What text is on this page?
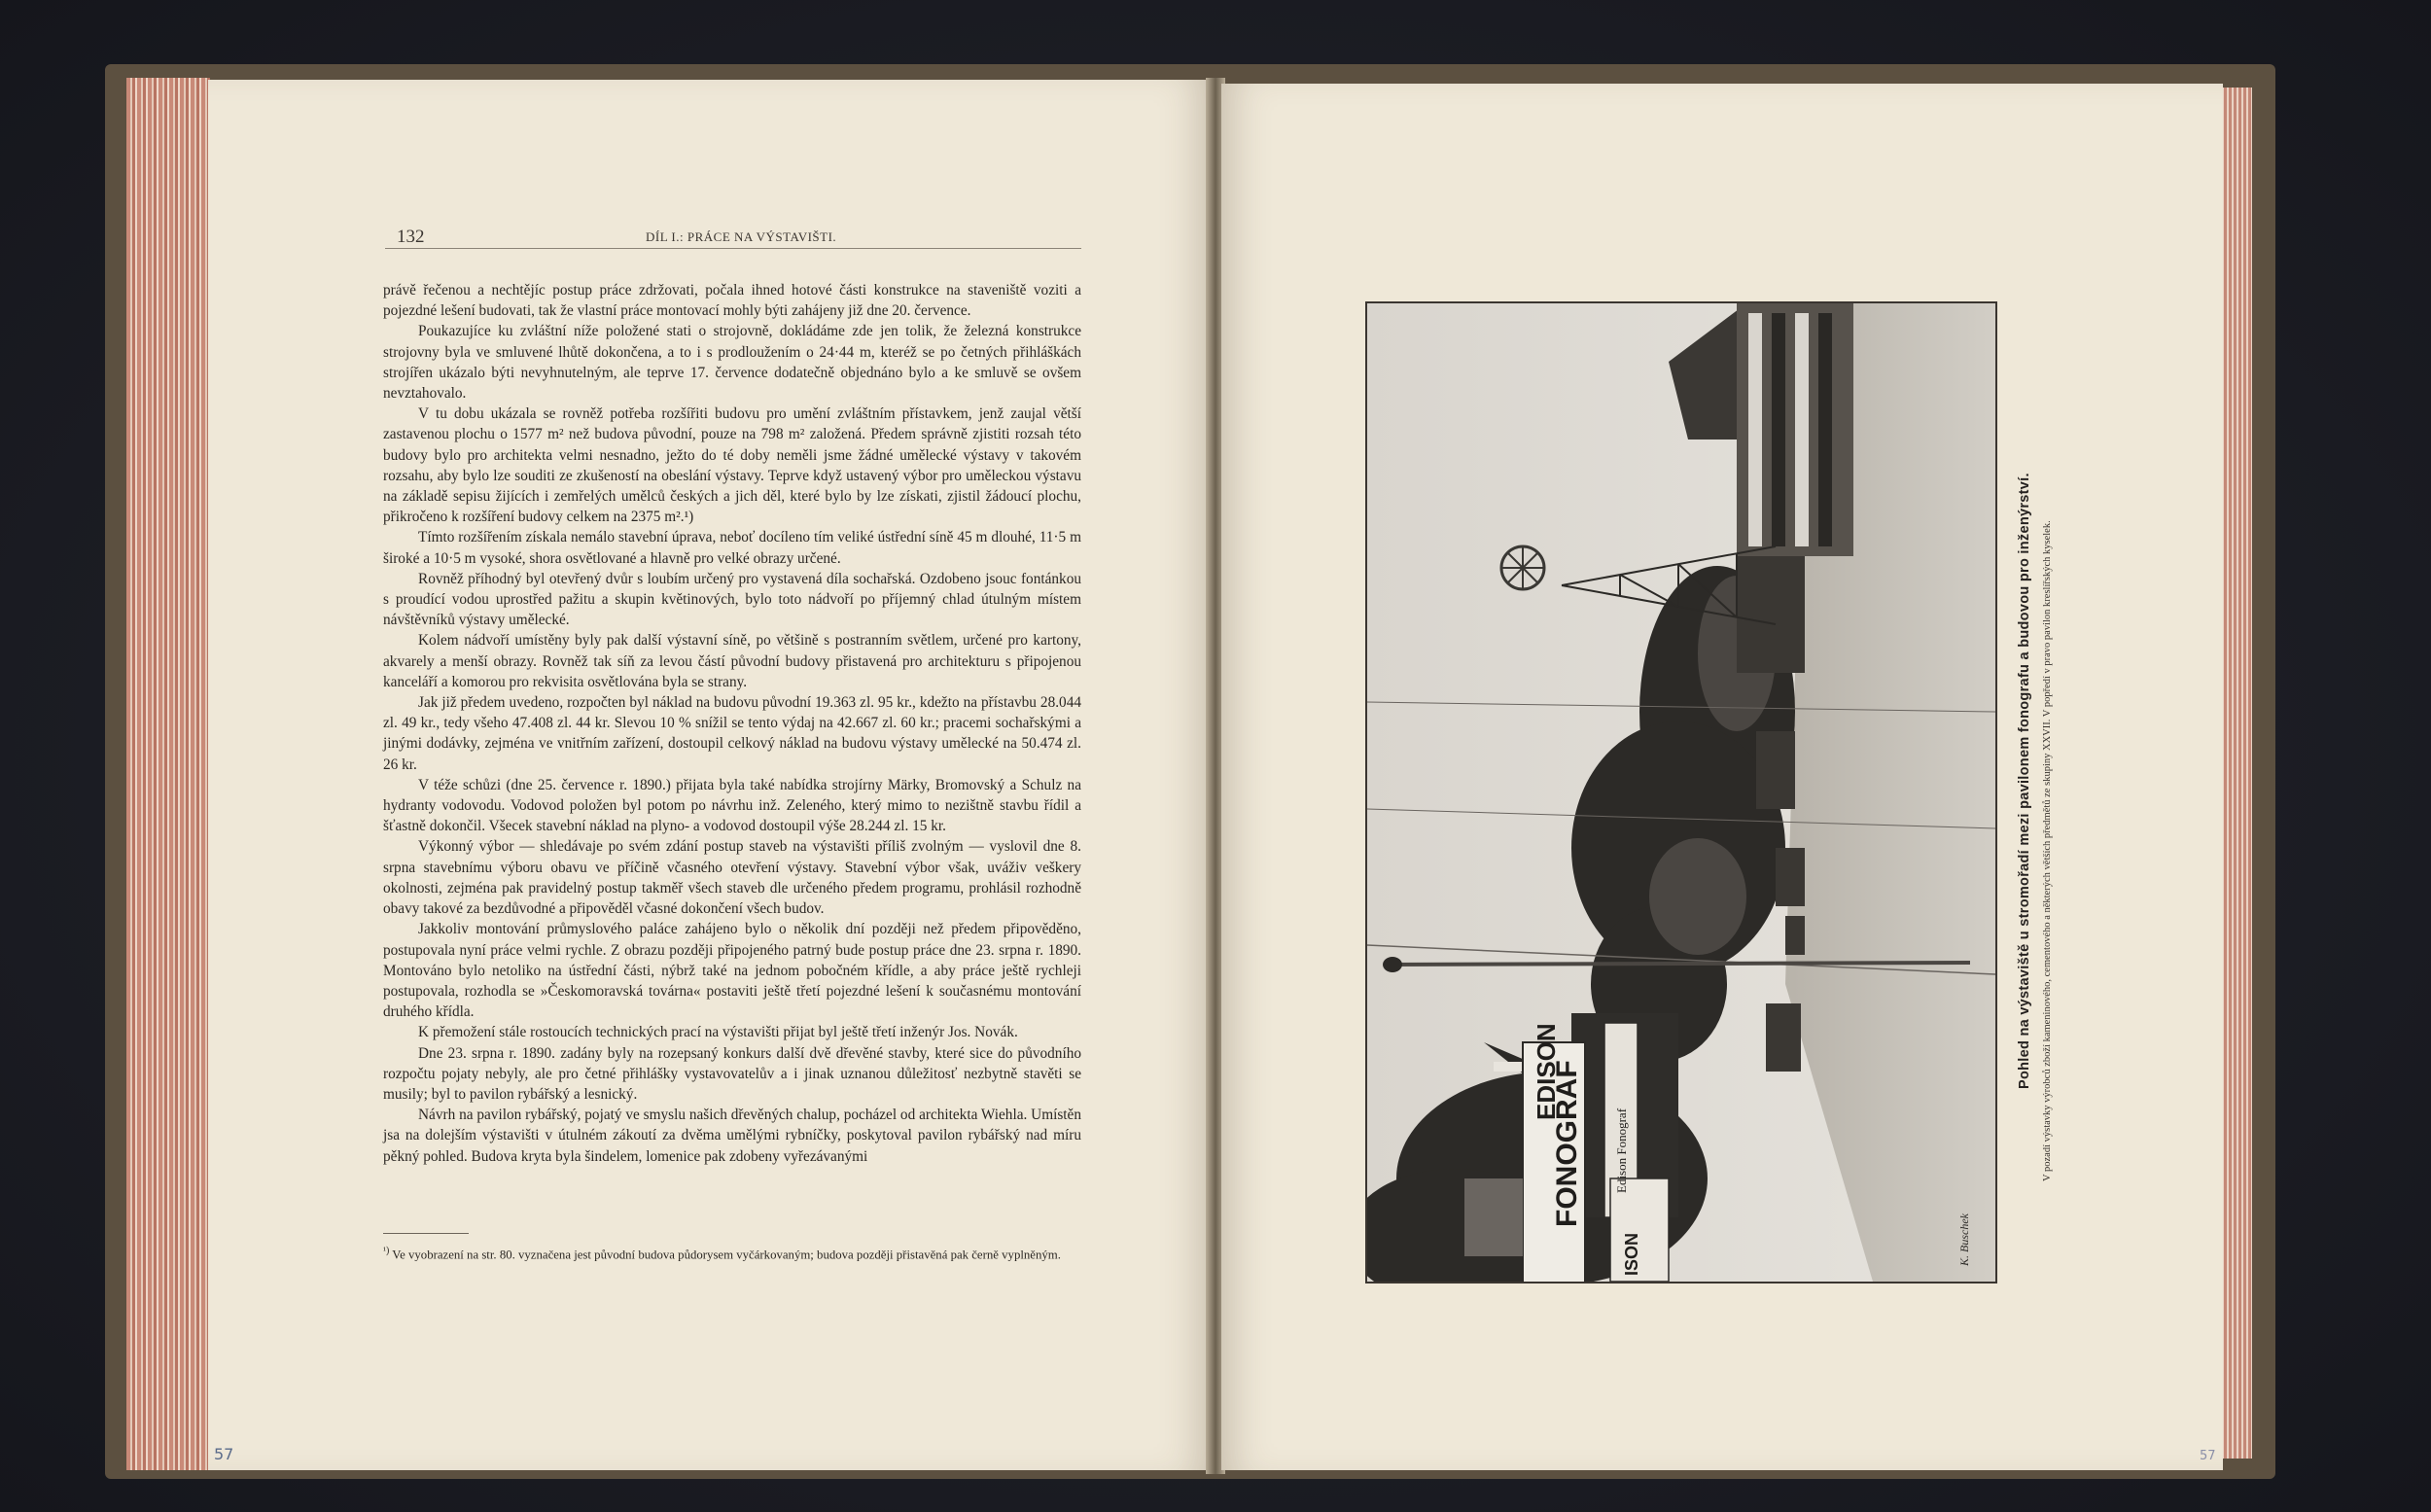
132	DÍL I.: PRÁCE NA VÝSTAVIŠTI.

právě řečenou a nechtějíc postup práce zdržovati, počala ihned hotové části konstrukce na staveniště voziti a pojezdné lešení budovati, tak že vlastní práce montovací mohly býti zahájeny již dne 20. července.

Poukazujíce ku zvláštní níže položené stati o strojovně, dokládáme zde jen tolik, že železná konstrukce strojovny byla ve smluvené lhůtě dokončena, a to i s prodloužením o 24·44 m, kteréž se po četných přihláškách strojířen ukázalo býti nevyhnutelným, ale teprve 17. července dodatečně objednáno bylo a ke smluvě se ovšem nevztahovalo.

V tu dobu ukázala se rovněž potřeba rozšířiti budovu pro umění zvláštním přístavkem, jenž zaujal větší zastavenou plochu o 1577 m² než budova původní, pouze na 798 m² založená. Předem správně zjistiti rozsah této budovy bylo pro architekta velmi nesnadno, ježto do té doby neměli jsme žádné umělecké výstavy v takovém rozsahu, aby bylo lze souditi ze zkušeností na obeslání výstavy. Teprve když ustavený výbor pro uměleckou výstavu na základě sepisu žijících i zemřelých umělců českých a jich děl, které bylo by lze získati, zjistil žádoucí plochu, přikročeno k rozšíření budovy celkem na 2375 m².¹)

Tímto rozšířením získala nemálo stavební úprava, neboť docíleno tím veliké ústřední síně 45 m dlouhé, 11·5 m široké a 10·5 m vysoké, shora osvětlované a hlavně pro velké obrazy určené.

Rovněž příhodný byl otevřený dvůr s loubím určený pro vystavená díla sochařská. Ozdobeno jsouc fontánkou s proudící vodou uprostřed pažitu a skupin květinových, bylo toto nádvoří po příjemný chlad útulným místem návštěvníků výstavy umělecké.

Kolem nádvoří umístěny byly pak další výstavní síně, po většině s postranním světlem, určené pro kartony, akvarely a menší obrazy. Rovněž tak síň za levou částí původní budovy přistavená pro architekturu s připojenou kanceláří a komorou pro rekvisita osvětlována byla se strany.

Jak již předem uvedeno, rozpočten byl náklad na budovu původní 19.363 zl. 95 kr., kdežto na přístavbu 28.044 zl. 49 kr., tedy všeho 47.408 zl. 44 kr. Slevou 10 % snížil se tento výdaj na 42.667 zl. 60 kr.; pracemi sochařskými a jinými dodávky, zejména ve vnitřním zařízení, dostoupil celkový náklad na budovu výstavy umělecké na 50.474 zl. 26 kr.

V téže schůzi (dne 25. července r. 1890.) přijata byla také nabídka strojírny Märky, Bromovský a Schulz na hydranty vodovodu. Vodovod položen byl potom po návrhu inž. Zeleného, který mimo to nezištně stavbu řídil a šťastně dokončil. Všecek stavební náklad na plyno- a vodovod dostoupil výše 28.244 zl. 15 kr.

Výkonný výbor — shledávaje po svém zdání postup staveb na výstavišti příliš zvolným — vyslovil dne 8. srpna stavebnímu výboru obavu ve příčině včasného otevření výstavy. Stavební výbor však, uváživ veškery okolnosti, zejména pak pravidelný postup takměř všech staveb dle určeného předem programu, prohlásil rozhodně obavy takové za bezdůvodné a připověděl včasné dokončení všech budov.

Jakkoliv montování průmyslového paláce zahájeno bylo o několik dní později než předem připověděno, postupovala nyní práce velmi rychle. Z obrazu později připojeného patrný bude postup práce dne 23. srpna r. 1890. Montováno bylo netoliko na ústřední části, nýbrž také na jednom pobočném křídle, a aby práce ještě rychleji postupovala, rozhodla se »Českomoravská továrna« postaviti ještě třetí pojezdné lešení k současnému montování druhého křídla.

K přemožení stále rostoucích technických prací na výstavišti přijat byl ještě třetí inženýr Jos. Novák.

Dne 23. srpna r. 1890. zadány byly na rozepsaný konkurs další dvě dřevěné stavby, které sice do původního rozpočtu pojaty nebyly, ale pro četné přihlášky vystavovatelův a i jinak uznanou důležitosť nezbytně stavěti se musily; byl to pavilon rybářský a lesnický.

Návrh na pavilon rybářský, pojatý ve smyslu našich dřevěných chalup, pocházel od architekta Wiehla. Umístěn jsa na dolejším výstavišti v útulném zákoutí za dvěma umělými rybníčky, poskytoval pavilon rybářský nad míru pěkný pohled. Budova kryta byla šindelem, lomenice pak zdobeny vyřezávanými

$^{^1)}$ Ve vyobrazení na str. 80. vyznačena jest původní budova půdorysem vyčárkovaným; budova později přistavěná pak černě vyplněným.
57
EDISON
FONOGRAF Edison Fonograf
ISON	K. Buschek
Pohled na výstaviště u stromořadí mezi pavilonem fonografu a budovou pro inženýrství. V pozadí výstavky výrobců zboží kameninového, cementového a některých větších předmětů ze skupiny XXVII. V popředí v pravo pavilon kreslířských kyselek.
57
